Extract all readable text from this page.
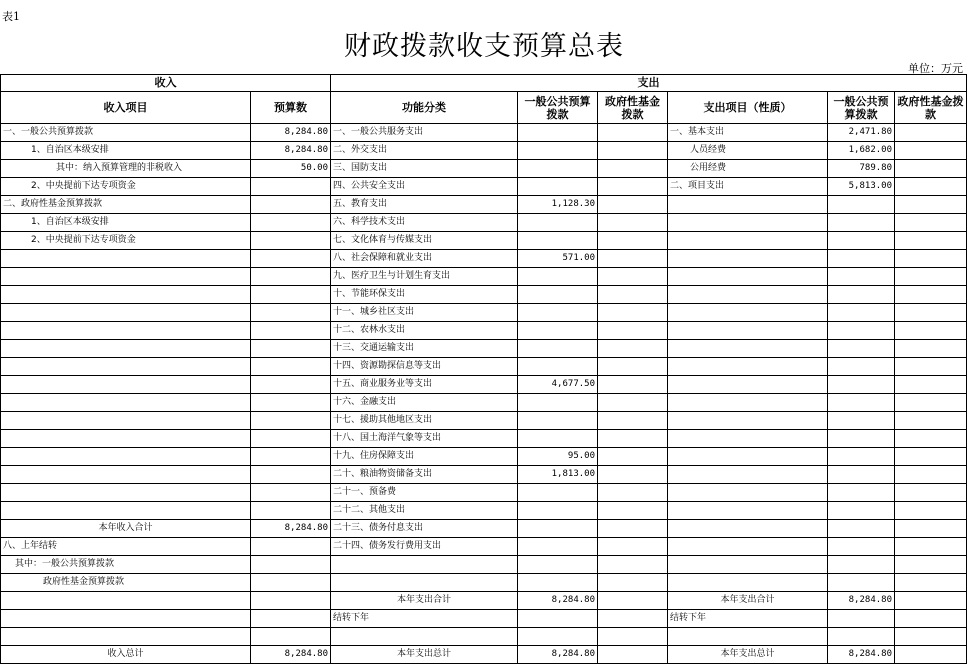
表1
财政拨款收支预算总表
单位：万元
收入		支出					
收入项目	预算数	功能分类	一般公共预算拨款	政府性基金拨款	支出项目（性质）	一般公共预算拨款	政府性基金拨款
一、一般公共预算拨款	8,284.80	一、一般公共服务支出			一、基本支出	2,471.80	
1、自治区本级安排	8,284.80	二、外交支出			人员经费	1,682.00	
其中：纳入预算管理的非税收入	50.00	三、国防支出			公用经费	789.80	
2、中央提前下达专项资金		四、公共安全支出			二、项目支出	5,813.00	
二、政府性基金预算拨款		五、教育支出	1,128.30				
1、自治区本级安排		六、科学技术支出					
2、中央提前下达专项资金		七、文化体育与传媒支出					
		八、社会保障和就业支出	571.00				
		九、医疗卫生与计划生育支出					
		十、节能环保支出					
		十一、城乡社区支出					
		十二、农林水支出					
		十三、交通运输支出					
		十四、资源勘探信息等支出					
		十五、商业服务业等支出	4,677.50				
		十六、金融支出					
		十七、援助其他地区支出					
		十八、国土海洋气象等支出					
		十九、住房保障支出	95.00				
		二十、粮油物资储备支出	1,813.00				
		二十一、预备费					
		二十二、其他支出					
本年收入合计	8,284.80	二十三、债务付息支出					
八、上年结转		二十四、债务发行费用支出					
其中：一般公共预算拨款							
政府性基金预算拨款							
		本年支出合计	8,284.80		本年支出合计	8,284.80	
		结转下年			结转下年		

收入总计	8,284.80	本年支出总计	8,284.80		本年支出总计	8,284.80	
